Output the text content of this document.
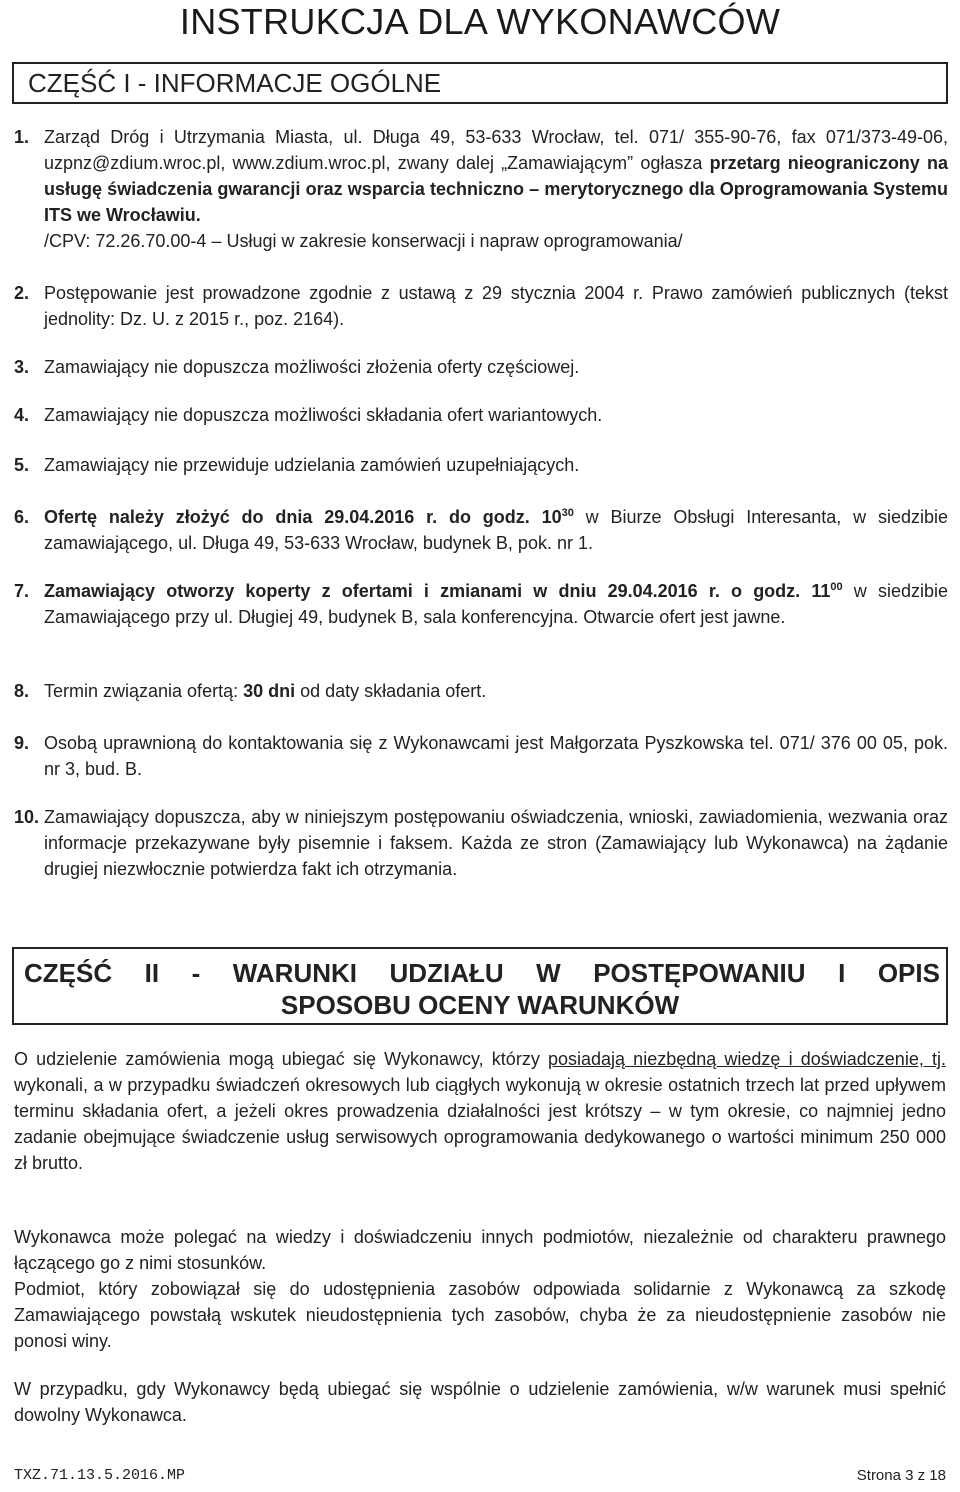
INSTRUKCJA DLA WYKONAWCÓW
CZĘŚĆ I - INFORMACJE OGÓLNE
1. Zarząd Dróg i Utrzymania Miasta, ul. Długa 49, 53-633 Wrocław, tel. 071/ 355-90-76, fax 071/373-49-06, uzpnz@zdium.wroc.pl, www.zdium.wroc.pl, zwany dalej „Zamawiającym” ogłasza przetarg nieograniczony na usługę świadczenia gwarancji oraz wsparcia techniczno – merytorycznego dla Oprogramowania Systemu ITS we Wrocławiu.

/CPV: 72.26.70.00-4 – Usługi w zakresie konserwacji i napraw oprogramowania/

2. Postępowanie jest prowadzone zgodnie z ustawą z 29 stycznia 2004 r. Prawo zamówień publicznych (tekst jednolity: Dz. U. z 2015 r., poz. 2164).

3. Zamawiający nie dopuszcza możliwości złożenia oferty częściowej.

4. Zamawiający nie dopuszcza możliwości składania ofert wariantowych.

5. Zamawiający nie przewiduje udzielania zamówień uzupełniających.

6. Ofertę należy złożyć do dnia 29.04.2016 r. do godz. $10^{30}$ w Biurze Obsługi Interesanta, w siedzibie zamawiającego, ul. Długa 49, 53-633 Wrocław, budynek B, pok. nr 1.

7. Zamawiający otworzy koperty z ofertami i zmianami w dniu 29.04.2016 r. o godz. $11^{00}$ w siedzibie Zamawiającego przy ul. Długiej 49, budynek B, sala konferencyjna. Otwarcie ofert jest jawne.

8. Termin związania ofertą: 30 dni od daty składania ofert.

9. Osobą uprawnioną do kontaktowania się z Wykonawcami jest Małgorzata Pyszkowska tel. 071/ 376 00 05, pok. nr 3, bud. B.

10. Zamawiający dopuszcza, aby w niniejszym postępowaniu oświadczenia, wnioski, zawiadomienia, wezwania oraz informacje przekazywane były pisemnie i faksem. Każda ze stron (Zamawiający lub Wykonawca) na żądanie drugiej niezwłocznie potwierdza fakt ich otrzymania.

CZĘŚĆ II - WARUNKI UDZIAŁU W POSTĘPOWANIU I OPIS
SPOSOBU OCENY WARUNKÓW

O udzielenie zamówienia mogą ubiegać się Wykonawcy, którzy posiadają niezbędną wiedzę i doświadczenie, tj. wykonali, a w przypadku świadczeń okresowych lub ciągłych wykonują w okresie ostatnich trzech lat przed upływem terminu składania ofert, a jeżeli okres prowadzenia działalności jest krótszy – w tym okresie, co najmniej jedno zadanie obejmujące świadczenie usług serwisowych oprogramowania dedykowanego o wartości minimum 250 000 zł brutto.

Wykonawca może polegać na wiedzy i doświadczeniu innych podmiotów, niezależnie od charakteru prawnego łączącego go z nimi stosunków.

Podmiot, który zobowiązał się do udostępnienia zasobów odpowiada solidarnie z Wykonawcą za szkodę Zamawiającego powstałą wskutek nieudostępnienia tych zasobów, chyba że za nieudostępnienie zasobów nie ponosi winy.

W przypadku, gdy Wykonawcy będą ubiegać się wspólnie o udzielenie zamówienia, w/w warunek musi spełnić dowolny Wykonawca.

TXZ.71.13.5.2016.MP	Strona 3 z 18
